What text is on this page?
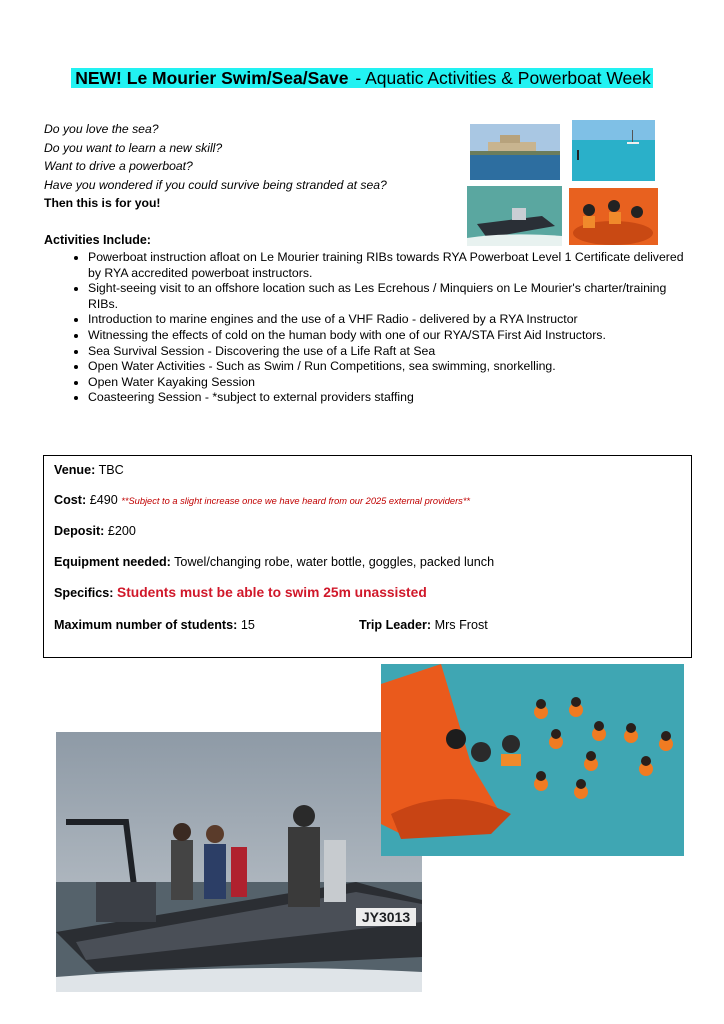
NEW! Le Mourier Swim/Sea/Save - Aquatic Activities & Powerboat Week
Do you love the sea?
Do you want to learn a new skill?
Want to drive a powerboat?
Have you wondered if you could survive being stranded at sea?
Then this is for you!
Activities Include:
• Powerboat instruction afloat on Le Mourier training RIBs towards RYA Powerboat Level 1 Certificate delivered by RYA accredited powerboat instructors.
• Sight-seeing visit to an offshore location such as Les Ecrehous / Minquiers on Le Mourier's charter/training RIBs.
• Introduction to marine engines and the use of a VHF Radio - delivered by a RYA Instructor
• Witnessing the effects of cold on the human body with one of our RYA/STA First Aid Instructors.
• Sea Survival Session - Discovering the use of a Life Raft at Sea
• Open Water Activities - Such as Swim / Run Competitions, sea swimming, snorkelling.
• Open Water Kayaking Session
• Coasteering Session - *subject to external providers staffing
Venue: TBC
Cost: £490 **Subject to a slight increase once we have heard from our 2025 external providers**
Deposit: £200
Equipment needed: Towel/changing robe, water bottle, goggles, packed lunch
Specifics: Students must be able to swim 25m unassisted
Maximum number of students: 15	Trip Leader: Mrs Frost
JY3013
